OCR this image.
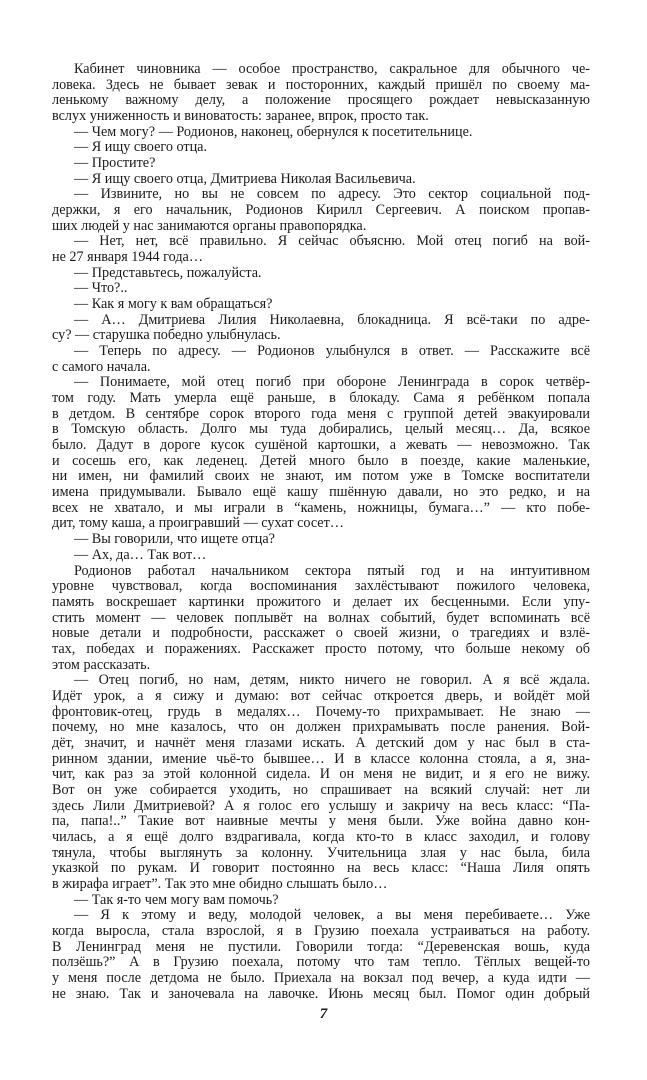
Кабинет чиновника — особое пространство, сакральное для обычного че-
ловека. Здесь не бывает зевак и посторонних, каждый пришёл по своему ма-
ленькому важному делу, а положение просящего рождает невысказанную
вслух униженность и виноватость: заранее, впрок, просто так.
— Чем могу? — Родионов, наконец, обернулся к посетительнице.
— Я ищу своего отца.
— Простите?
— Я ищу своего отца, Дмитриева Николая Васильевича.
— Извините, но вы не совсем по адресу. Это сектор социальной под-
держки, я его начальник, Родионов Кирилл Сергеевич. А поиском пропав-
ших людей у нас занимаются органы правопорядка.
— Нет, нет, всё правильно. Я сейчас объясню. Мой отец погиб на вой-
не 27 января 1944 года…
— Представьтесь, пожалуйста.
— Что?..
— Как я могу к вам обращаться?
— А… Дмитриева Лилия Николаевна, блокадница. Я всё-таки по адре-
су? — старушка победно улыбнулась.
— Теперь по адресу. — Родионов улыбнулся в ответ. — Расскажите всё
с самого начала.
— Понимаете, мой отец погиб при обороне Ленинграда в сорок четвёр-
том году. Мать умерла ещё раньше, в блокаду. Сама я ребёнком попала
в детдом. В сентябре сорок второго года меня с группой детей эвакуировали
в Томскую область. Долго мы туда добирались, целый месяц… Да, всякое
было. Дадут в дороге кусок сушёной картошки, а жевать — невозможно. Так
и сосешь его, как леденец. Детей много было в поезде, какие маленькие,
ни имен, ни фамилий своих не знают, им потом уже в Томске воспитатели
имена придумывали. Бывало ещё кашу пшённую давали, но это редко, и на
всех не хватало, и мы играли в “камень, ножницы, бумага…” — кто побе-
дит, тому каша, а проигравший — сухат сосет…
— Вы говорили, что ищете отца?
— Ах, да… Так вот…
Родионов работал начальником сектора пятый год и на интуитивном
уровне чувствовал, когда воспоминания захлёстывают пожилого человека,
память воскрешает картинки прожитого и делает их бесценными. Если упу-
стить момент — человек поплывёт на волнах событий, будет вспоминать всё
новые детали и подробности, расскажет о своей жизни, о трагедиях и взлё-
тах, победах и поражениях. Расскажет просто потому, что больше некому об
этом рассказать.
— Отец погиб, но нам, детям, никто ничего не говорил. А я всё ждала.
Идёт урок, а я сижу и думаю: вот сейчас откроется дверь, и войдёт мой
фронтовик-отец, грудь в медалях… Почему-то прихрамывает. Не знаю —
почему, но мне казалось, что он должен прихрамывать после ранения. Вой-
дёт, значит, и начнёт меня глазами искать. А детский дом у нас был в ста-
ринном здании, имение чьё-то бывшее… И в классе колонна стояла, а я, зна-
чит, как раз за этой колонной сидела. И он меня не видит, и я его не вижу.
Вот он уже собирается уходить, но спрашивает на всякий случай: нет ли
здесь Лили Дмитриевой? А я голос его услышу и закричу на весь класс: “Па-
па, папа!..” Такие вот наивные мечты у меня были. Уже война давно кон-
чилась, а я ещё долго вздрагивала, когда кто-то в класс заходил, и голову
тянула, чтобы выглянуть за колонну. Учительница злая у нас была, била
указкой по рукам. И говорит постоянно на весь класс: “Наша Лиля опять
в жирафа играет”. Так это мне обидно слышать было…
— Так я-то чем могу вам помочь?
— Я к этому и веду, молодой человек, а вы меня перебиваете… Уже
когда выросла, стала взрослой, я в Грузию поехала устраиваться на работу.
В Ленинград меня не пустили. Говорили тогда: “Деревенская вошь, куда
ползёшь?” А в Грузию поехала, потому что там тепло. Тёплых вещей-то
у меня после детдома не было. Приехала на вокзал под вечер, а куда идти —
не знаю. Так и заночевала на лавочке. Июнь месяц был. Помог один добрый
7
